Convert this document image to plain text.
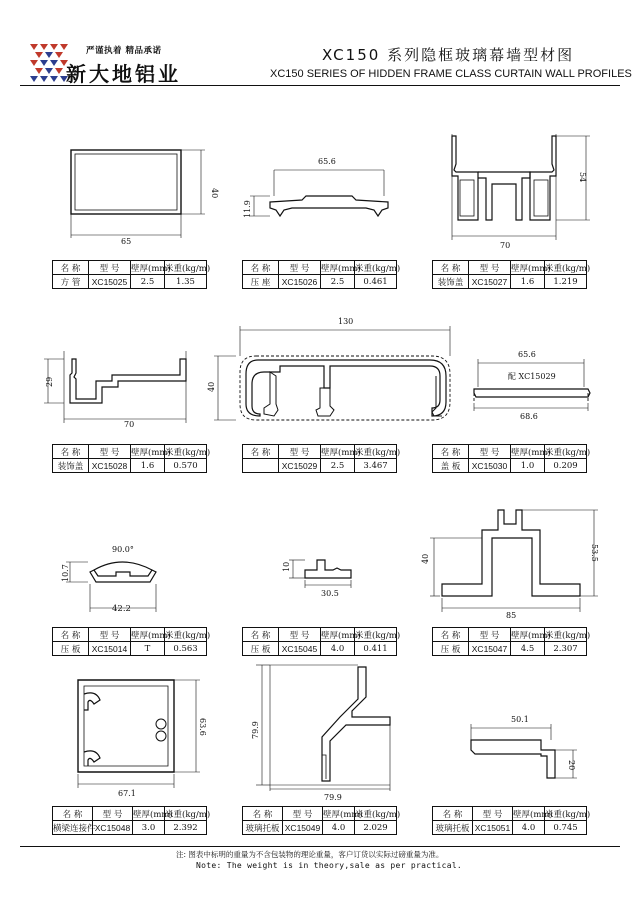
严谨执着 精品承诺
新大地铝业
XC150 系列隐框玻璃幕墙型材图
XC150 SERIES OF HIDDEN FRAME CLASS CURTAIN WALL PROFILES
65
40
65.6
11.9
70
54
名 称	型 号	壁厚(mm)	米重(kg/m)
方 管	XC15025	2.5	1.35
名 称	型 号	壁厚(mm)	米重(kg/m)
压 座	XC15026	2.5	0.461
名 称	型 号	壁厚(mm)	米重(kg/m)
装饰盖	XC15027	1.6	1.219
70
29
130
40
65.6
配 XC15029
68.6
名 称	型 号	壁厚(mm)	米重(kg/m)
装饰盖	XC15028	1.6	0.570
名 称	型 号	壁厚(mm)	米重(kg/m)
	XC15029	2.5	3.467
名 称	型 号	壁厚(mm)	米重(kg/m)
盖 板	XC15030	1.0	0.209
90.0°
10.7
42.2
10
30.5
40	53.5
85
名 称	型 号	壁厚(mm)	米重(kg/m)
压 板	XC15014	T	0.563
名 称	型 号	壁厚(mm)	米重(kg/m)
压 板	XC15045	4.0	0.411
名 称	型 号	壁厚(mm)	米重(kg/m)
压 板	XC15047	4.5	2.307
63.6
67.1
79.9
79.9
50.1
20
名 称	型 号	壁厚(mm)	米重(kg/m)
横梁连接件	XC15048	3.0	2.392
名 称	型 号	壁厚(mm)	米重(kg/m)
玻璃托板	XC15049	4.0	2.029
名 称	型 号	壁厚(mm)	米重(kg/m)
玻璃托板	XC15051	4.0	0.745
注: 图表中标明的重量为不含包装物的理论重量，客户订货以实际过磅重量为准。
Note: The weight is in theory,sale as per practical.
